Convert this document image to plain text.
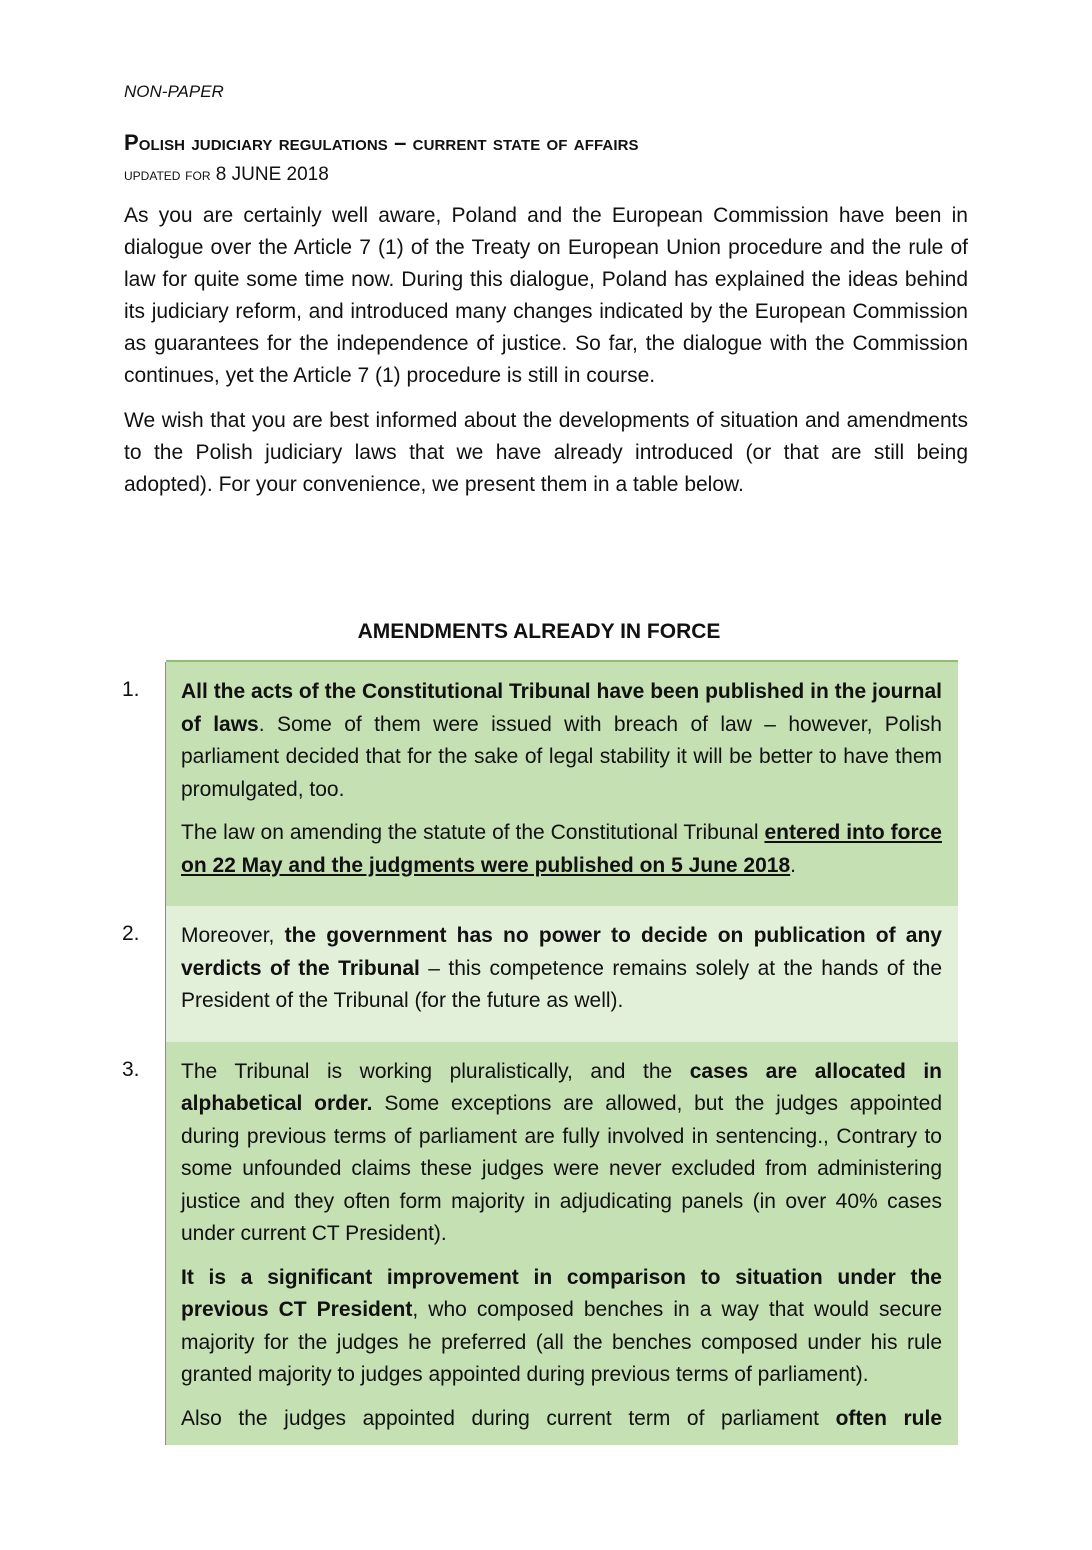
NON-PAPER

Polish judiciary regulations – current state of affairs

updated for 8 JUNE 2018

As you are certainly well aware, Poland and the European Commission have been in dialogue over the Article 7 (1) of the Treaty on European Union procedure and the rule of law for quite some time now. During this dialogue, Poland has explained the ideas behind its judiciary reform, and introduced many changes indicated by the European Commission as guarantees for the independence of justice. So far, the dialogue with the Commission continues, yet the Article 7 (1) procedure is still in course.

We wish that you are best informed about the developments of situation and amendments to the Polish judiciary laws that we have already introduced (or that are still being adopted). For your convenience, we present them in a table below.

AMENDMENTS ALREADY IN FORCE

1.	All the acts of the Constitutional Tribunal have been published in the journal of laws. Some of them were issued with breach of law – however, Polish parliament decided that for the sake of legal stability it will be better to have them promulgated, too.

The law on amending the statute of the Constitutional Tribunal entered into force on 22 May and the judgments were published on 5 June 2018.

2.	Moreover, the government has no power to decide on publication of any verdicts of the Tribunal – this competence remains solely at the hands of the President of the Tribunal (for the future as well).

3.	The Tribunal is working pluralistically, and the cases are allocated in alphabetical order. Some exceptions are allowed, but the judges appointed during previous terms of parliament are fully involved in sentencing., Contrary to some unfounded claims these judges were never excluded from administering justice and they often form majority in adjudicating panels (in over 40% cases under current CT President).

It is a significant improvement in comparison to situation under the previous CT President, who composed benches in a way that would secure majority for the judges he preferred (all the benches composed under his rule granted majority to judges appointed during previous terms of parliament).

Also the judges appointed during current term of parliament often rule
